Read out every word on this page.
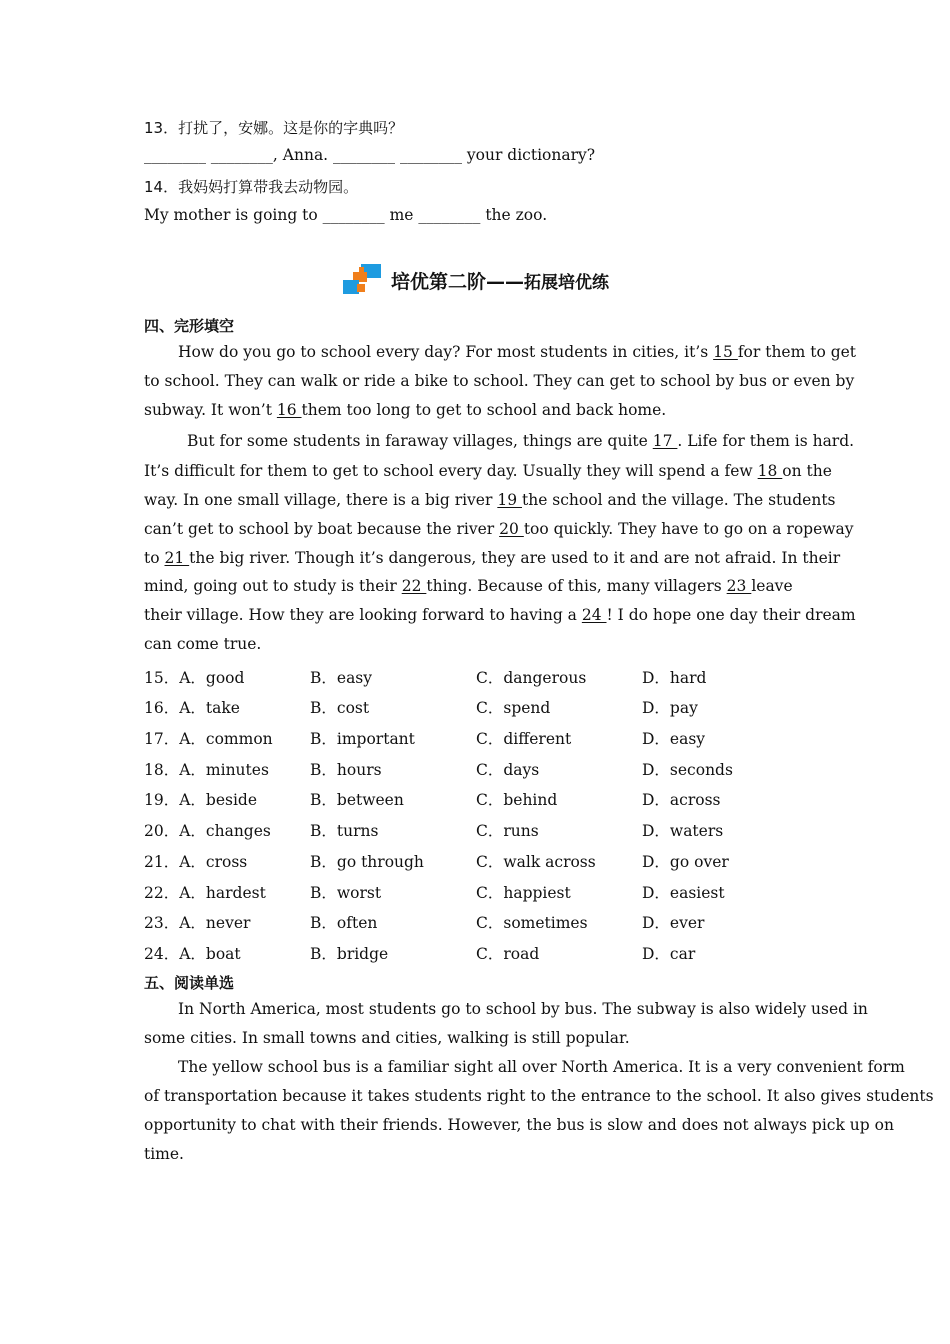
13．打扰了，安娜。这是你的字典吗？
________ ________, Anna. ________ ________ your dictionary?
14．我妈妈打算带我去动物园。
My mother is going to ________ me ________ the zoo.
培优第二阶——拓展培优练
四、完形填空
How do you go to school every day? For most students in cities, it’s 15 for them to get
to school. They can walk or ride a bike to school. They can get to school by bus or even by
subway. It won’t 16 them too long to get to school and back home.
But for some students in faraway villages, things are quite 17 . Life for them is hard.
It’s difficult for them to get to school every day. Usually they will spend a few 18 on the
way. In one small village, there is a big river 19 the school and the village. The students
can’t get to school by boat because the river 20 too quickly. They have to go on a ropeway
to 21 the big river. Though it’s dangerous, they are used to it and are not afraid. In their
mind, going out to study is their 22 thing. Because of this, many villagers 23 leave
their village. How they are looking forward to having a 24 ! I do hope one day their dream
can come true.
15．A．good	B．easy	C．dangerous	D．hard
16．A．take	B．cost	C．spend	D．pay
17．A．common B．important	C．different	D．easy
18．A．minutes	B．hours	C．days	D．seconds
19．A．beside	B．between	C．behind	D．across
20．A．changes	B．turns	C．runs	D．waters
21．A．cross	B．go through	C．walk across	D．go over
22．A．hardest	B．worst	C．happiest	D．easiest
23．A．never	B．often	C．sometimes	D．ever
24．A．boat	B．bridge	C．road	D．car
五、阅读单选
In North America, most students go to school by bus. The subway is also widely used in
some cities. In small towns and cities, walking is still popular.
The yellow school bus is a familiar sight all over North America. It is a very convenient form
of transportation because it takes students right to the entrance to the school. It also gives students
opportunity to chat with their friends. However, the bus is slow and does not always pick up on
time.
